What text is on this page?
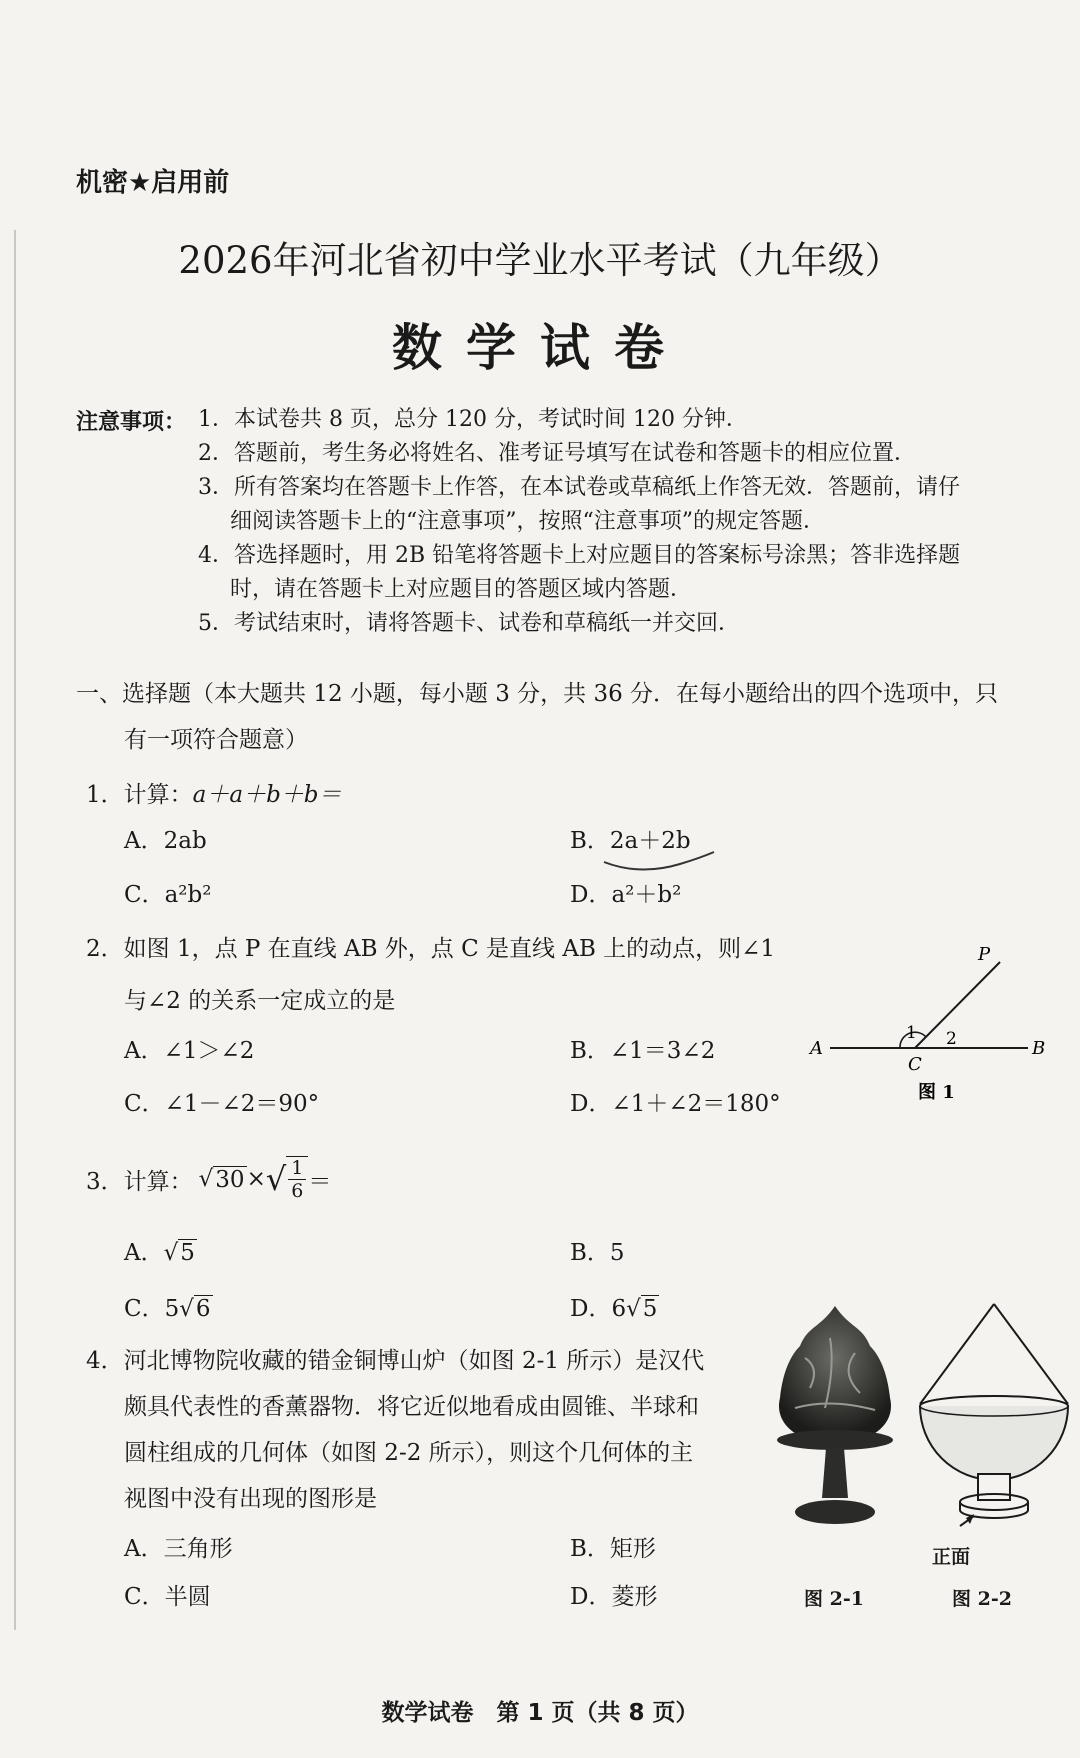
机密★启用前
2026年河北省初中学业水平考试（九年级）
数学试卷
注意事项： 1．本试卷共 8 页，总分 120 分，考试时间 120 分钟．
2．答题前，考生务必将姓名、准考证号填写在试卷和答题卡的相应位置．
3．所有答案均在答题卡上作答，在本试卷或草稿纸上作答无效．答题前，请仔
细阅读答题卡上的“注意事项”，按照“注意事项”的规定答题．
4．答选择题时，用 2B 铅笔将答题卡上对应题目的答案标号涂黑；答非选择题
时，请在答题卡上对应题目的答题区域内答题．
5．考试结束时，请将答题卡、试卷和草稿纸一并交回．
一、选择题（本大题共 12 小题，每小题 3 分，共 36 分．在每小题给出的四个选项中，只
有一项符合题意）
1．计算：a＋a＋b＋b＝
A．2ab	B．2a＋2b
C．a²b²	D．a²＋b²
2．如图 1，点 P 在直线 AB 外，点 C 是直线 AB 上的动点，则∠1
与∠2 的关系一定成立的是
A．∠1＞∠2	B．∠1＝3∠2
C．∠1－∠2＝90°	D．∠1＋∠2＝180°
A	B
C
P
1 2
图 1
3．计算： √ 30 × √ $\frac{1}{6}$ ＝
A．√5	B．5
C．5√6	D．6√5
4．河北博物院收藏的错金铜博山炉（如图 2-1 所示）是汉代
颇具代表性的香薰器物．将它近似地看成由圆锥、半球和
圆柱组成的几何体（如图 2-2 所示），则这个几何体的主
视图中没有出现的图形是
A．三角形	B．矩形
C．半圆	D．菱形
正面
图 2-1	图 2-2
数学试卷　第 1 页（共 8 页）
